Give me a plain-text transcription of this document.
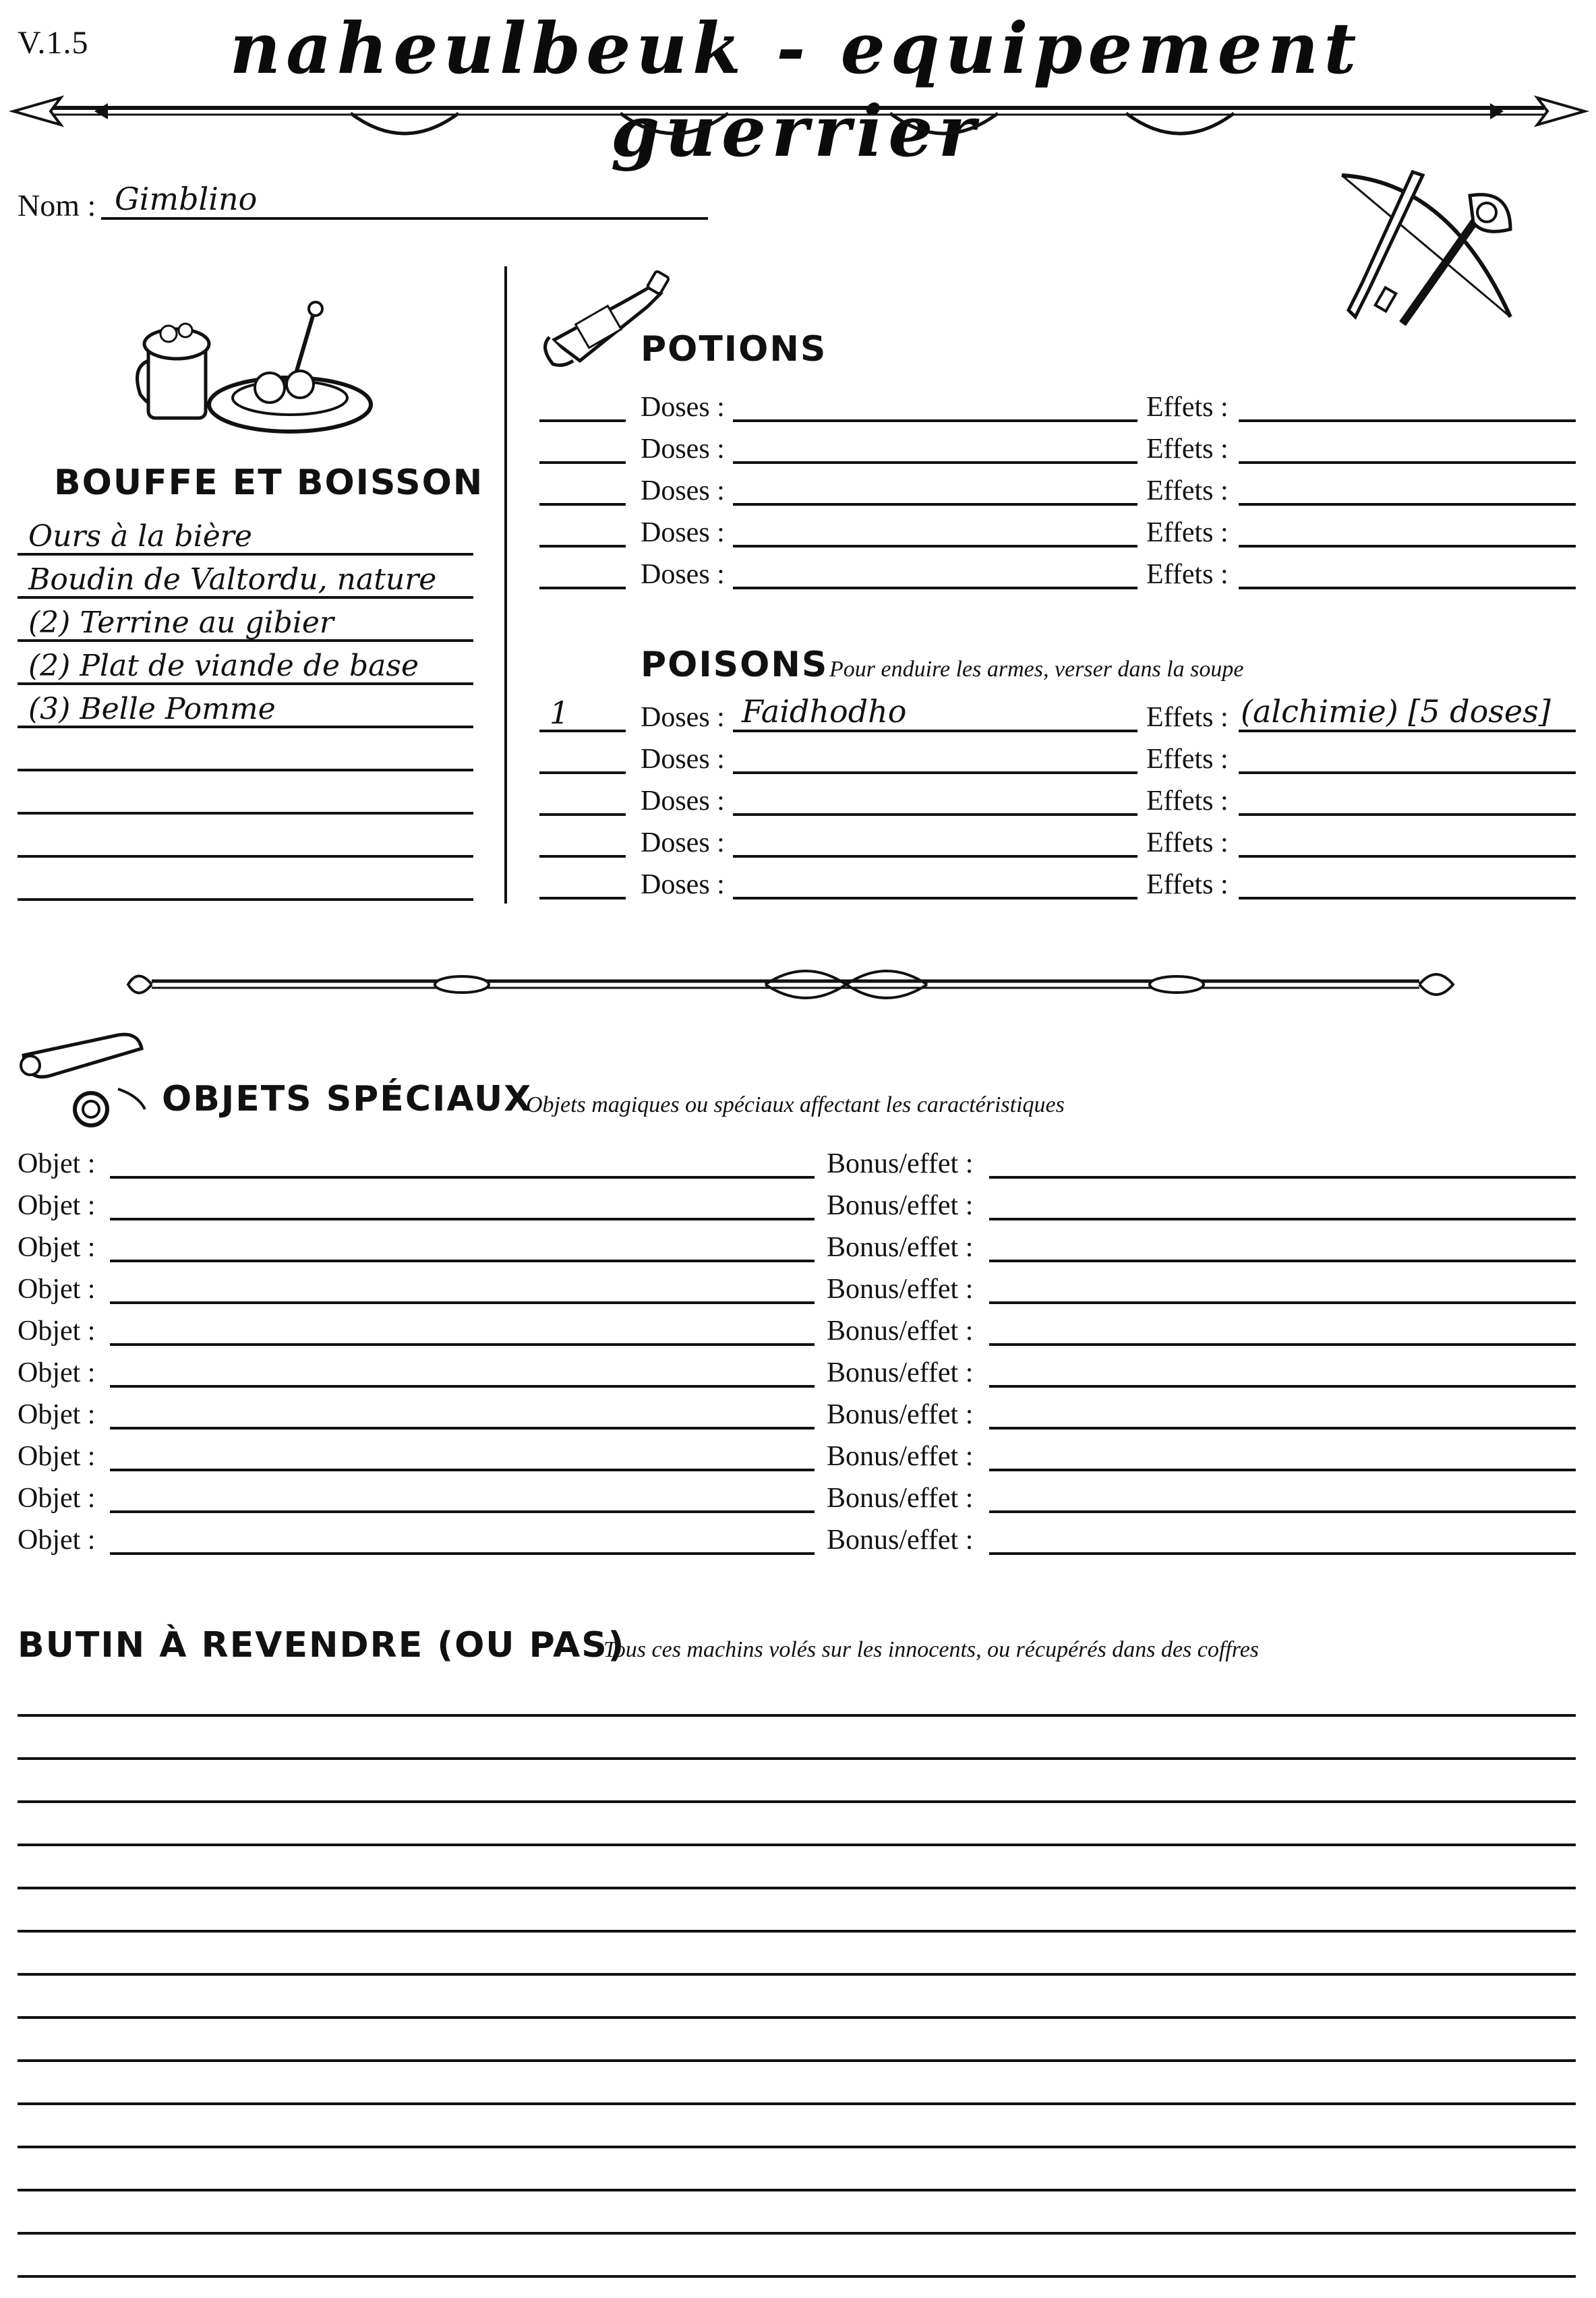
V.1.5	naheulbeuk - equipement guerrier
Nom : Gimblino
BOUFFE ET BOISSON
Ours à la bière
Boudin de Valtordu, nature
(2) Terrine au gibier
(2) Plat de viande de base
(3) Belle Pomme
POTIONS
Doses :	Effets :
Doses :	Effets :
Doses :	Effets :
Doses :	Effets :
Doses :	Effets :
POISONS Pour enduire les armes, verser dans la soupe
1	Doses : Faidhodho	Effets : (alchimie) [5 doses]
Doses :	Effets :
Doses :	Effets :
Doses :	Effets :
Doses :	Effets :
OBJETS SPÉCIAUX
Objets magiques ou spéciaux affectant les caractéristiques
Objet :	Bonus/effet :
Objet :	Bonus/effet :
Objet :	Bonus/effet :
Objet :	Bonus/effet :
Objet :	Bonus/effet :
Objet :	Bonus/effet :
Objet :	Bonus/effet :
Objet :	Bonus/effet :
Objet :	Bonus/effet :
Objet :	Bonus/effet :
BUTIN À REVENDRE (OU PAS)
Tous ces machins volés sur les innocents, ou récupérés dans des coffres
